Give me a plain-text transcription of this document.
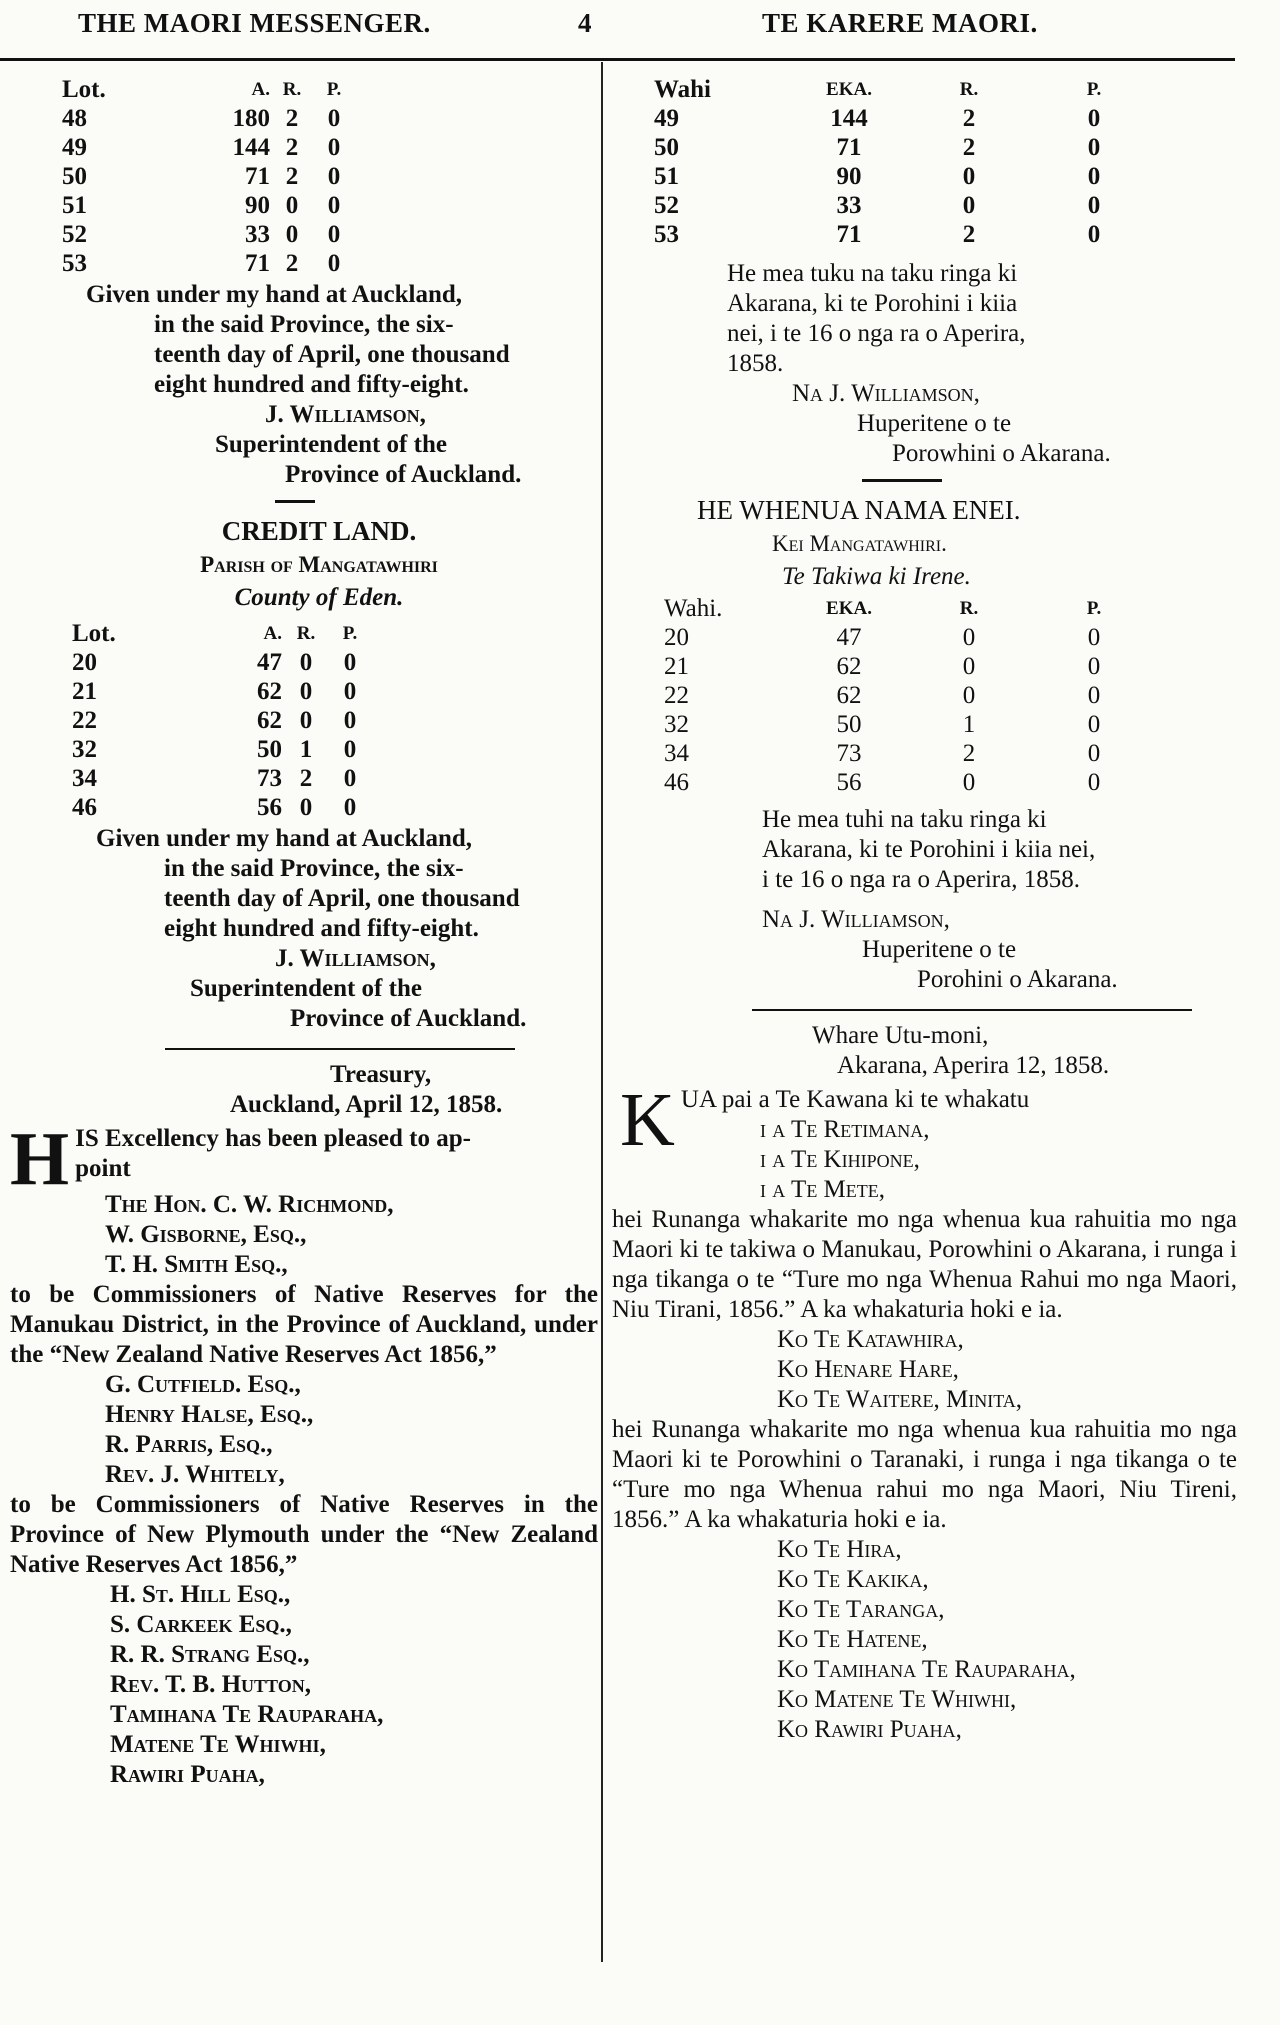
THE MAORI MESSENGER.	4	TE KARERE MAORI.
Lot.	A.	R.	P.
48	180	2	0
49	144	2	0
50	71	2	0
51	90	0	0
52	33	0	0
53	71	2	0
Given under my hand at Auckland,
in the said Province, the six-
teenth day of April, one thousand
eight hundred and fifty-eight.
J. Williamson,
Superintendent of the
Province of Auckland.

CREDIT LAND.

Parish of Mangatawhiri

County of Eden.

Lot.	A.	R.	P.
20	47	0	0
21	62	0	0
22	62	0	0
32	50	1	0
34	73	2	0
46	56	0	0
Given under my hand at Auckland,
in the said Province, the six-
teenth day of April, one thousand
eight hundred and fifty-eight.
J. Williamson,
Superintendent of the
Province of Auckland.
Treasury,
Auckland, April 12, 1858.
H IS Excellency has been pleased to ap-
point
The Hon. C. W. Richmond,
W. Gisborne, Esq.,
T. H. Smith Esq.,

to be Commissioners of Native Reserves for the Manukau District, in the Province of Auckland, under the “New Zealand Native Reserves Act 1856,”

G. Cutfield. Esq.,
Henry Halse, Esq.,
R. Parris, Esq.,
Rev. J. Whitely,

to be Commissioners of Native Reserves in the Province of New Plymouth under the “New Zealand Native Reserves Act 1856,”

H. St. Hill Esq.,
S. Carkeek Esq.,
R. R. Strang Esq.,
Rev. T. B. Hutton,
Tamihana Te Rauparaha,
Matene Te Whiwhi,
Rawiri Puaha,
Wahi	EKA.	R.	P.
49	144	2	0
50	71	2	0
51	90	0	0
52	33	0	0
53	71	2	0
He mea tuku na taku ringa ki
Akarana, ki te Porohini i kiia
nei, i te 16 o nga ra o Aperira,
1858.
Na J. Williamson,
Huperitene o te
Porowhini o Akarana.

HE WHENUA NAMA ENEI.

Kei Mangatawhiri.

Te Takiwa ki Irene.

Wahi.	EKA.	R.	P.
20	47	0	0
21	62	0	0
22	62	0	0
32	50	1	0
34	73	2	0
46	56	0	0
He mea tuhi na taku ringa ki
Akarana, ki te Porohini i kiia nei,
i te 16 o nga ra o Aperira, 1858.
Na J. Williamson,
Huperitene o te
Porohini o Akarana.
Whare Utu-moni,
Akarana, Aperira 12, 1858.
K UA pai a Te Kawana ki te whakatu
i a Te Retimana,
i a Te Kihipone,
i a Te Mete,

hei Runanga whakarite mo nga whenua kua rahuitia mo nga Maori ki te takiwa o Manukau, Porowhini o Akarana, i runga i nga tikanga o te “Ture mo nga Whenua Rahui mo nga Maori, Niu Tirani, 1856.” A ka whakaturia hoki e ia.

Ko Te Katawhira,
Ko Henare Hare,
Ko Te Waitere, Minita,

hei Runanga whakarite mo nga whenua kua rahuitia mo nga Maori ki te Porowhini o Taranaki, i runga i nga tikanga o te “Ture mo nga Whenua rahui mo nga Maori, Niu Tireni, 1856.” A ka whakaturia hoki e ia.

Ko Te Hira,
Ko Te Kakika,
Ko Te Taranga,
Ko Te Hatene,
Ko Tamihana Te Rauparaha,
Ko Matene Te Whiwhi,
Ko Rawiri Puaha,
